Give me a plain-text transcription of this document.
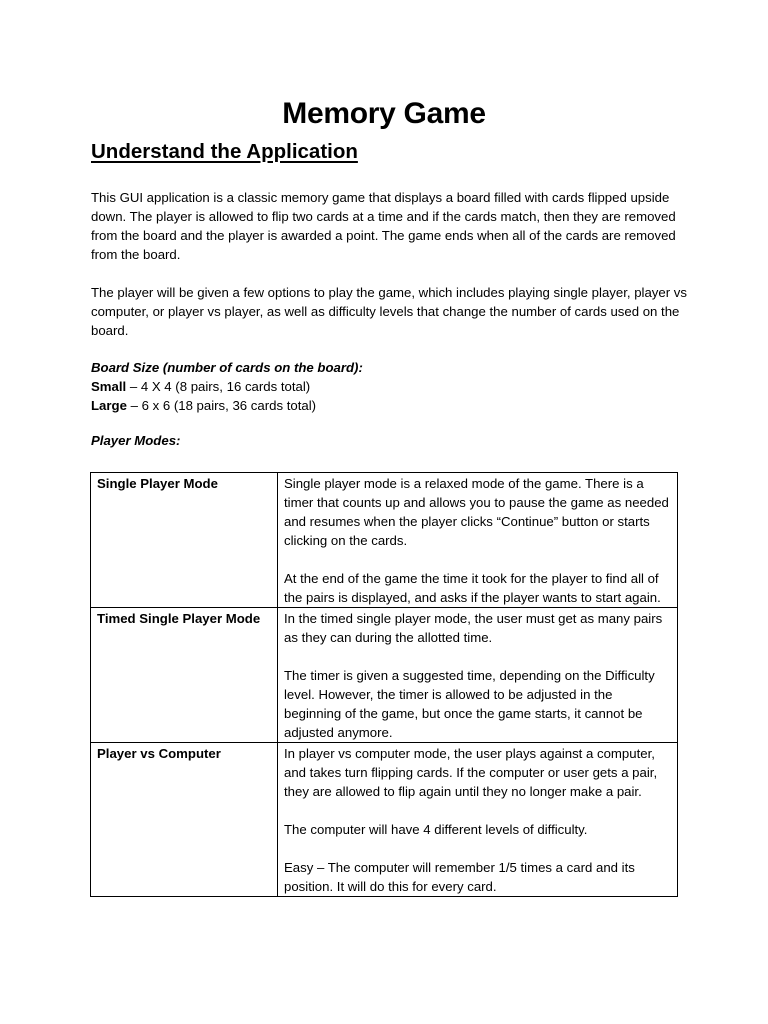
Memory Game
Understand the Application

This GUI application is a classic memory game that displays a board filled with cards flipped upside down. The player is allowed to flip two cards at a time and if the cards match, then they are removed from the board and the player is awarded a point. The game ends when all of the cards are removed from the board.

The player will be given a few options to play the game, which includes playing single player, player vs computer, or player vs player, as well as difficulty levels that change the number of cards used on the board.

Board Size (number of cards on the board):
Small – 4 X 4 (8 pairs, 16 cards total)
Large – 6 x 6 (18 pairs, 36 cards total)

Player Modes:

Single Player Mode	Single player mode is a relaxed mode of the game. There is a timer that counts up and allows you to pause the game as needed and resumes when the player clicks “Continue” button or starts clicking on the cards.

At the end of the game the time it took for the player to find all of the pairs is displayed, and asks if the player wants to start again.

Timed Single Player Mode	In the timed single player mode, the user must get as many pairs as they can during the allotted time.

The timer is given a suggested time, depending on the Difficulty level. However, the timer is allowed to be adjusted in the beginning of the game, but once the game starts, it cannot be adjusted anymore.

Player vs Computer	In player vs computer mode, the user plays against a computer, and takes turn flipping cards. If the computer or user gets a pair, they are allowed to flip again until they no longer make a pair.

The computer will have 4 different levels of difficulty.

Easy – The computer will remember 1/5 times a card and its position. It will do this for every card.
